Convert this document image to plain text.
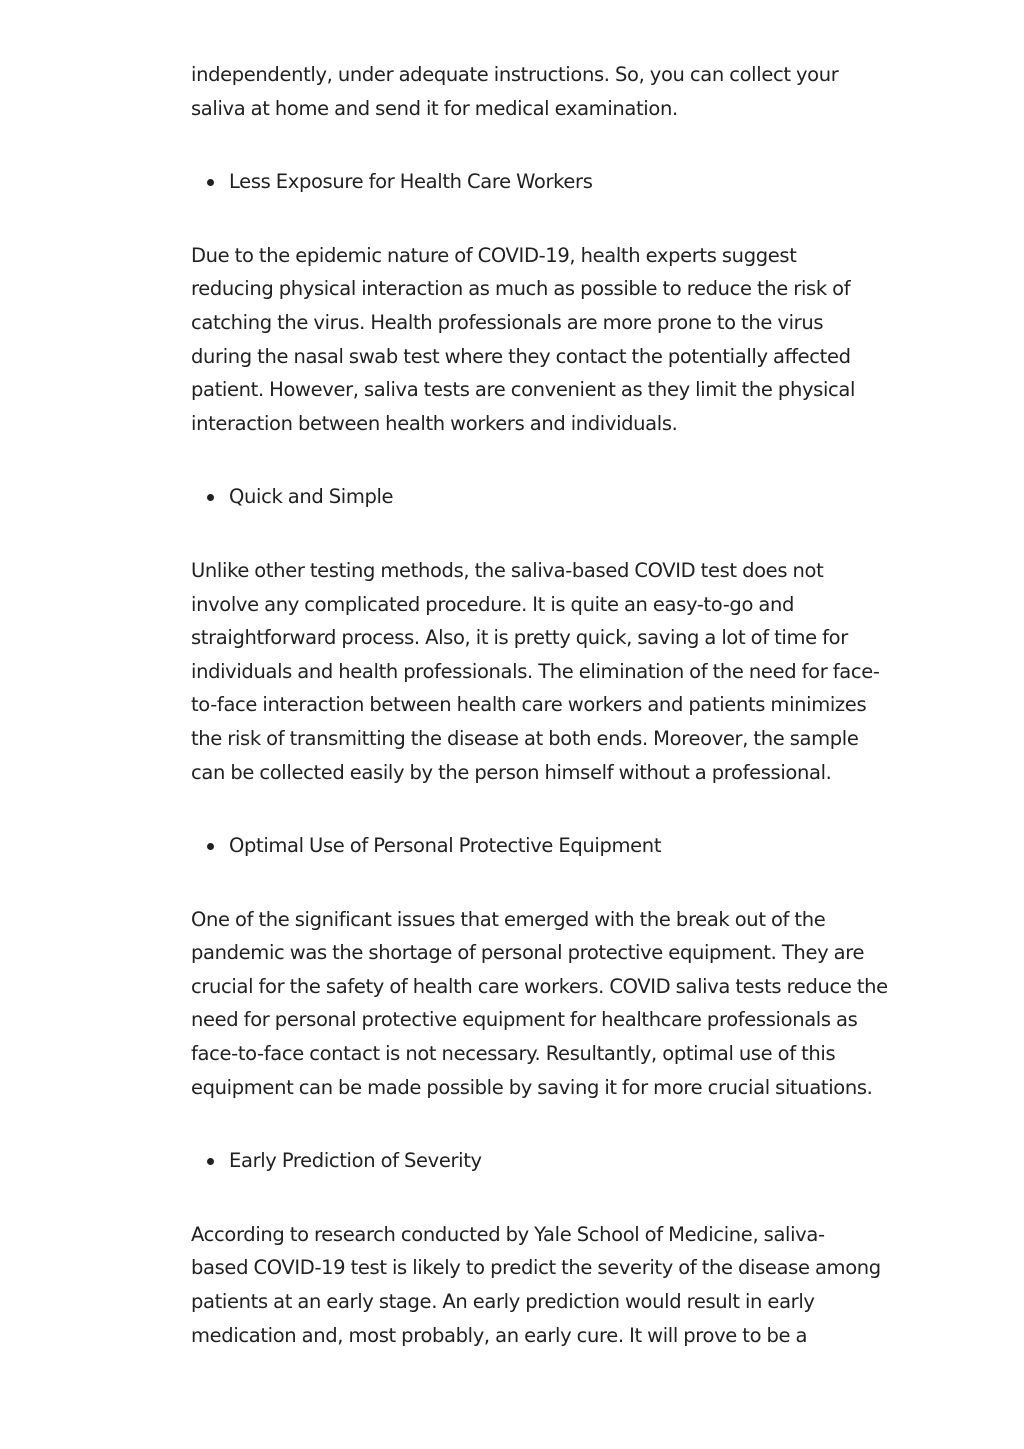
independently, under adequate instructions. So, you can collect your
saliva at home and send it for medical examination.

Less Exposure for Health Care Workers

Due to the epidemic nature of COVID-19, health experts suggest
reducing physical interaction as much as possible to reduce the risk of
catching the virus. Health professionals are more prone to the virus
during the nasal swab test where they contact the potentially affected
patient. However, saliva tests are convenient as they limit the physical
interaction between health workers and individuals.

Quick and Simple

Unlike other testing methods, the saliva-based COVID test does not
involve any complicated procedure. It is quite an easy-to-go and
straightforward process. Also, it is pretty quick, saving a lot of time for
individuals and health professionals. The elimination of the need for face-
to-face interaction between health care workers and patients minimizes
the risk of transmitting the disease at both ends. Moreover, the sample
can be collected easily by the person himself without a professional.

Optimal Use of Personal Protective Equipment

One of the significant issues that emerged with the break out of the
pandemic was the shortage of personal protective equipment. They are
crucial for the safety of health care workers. COVID saliva tests reduce the
need for personal protective equipment for healthcare professionals as
face-to-face contact is not necessary. Resultantly, optimal use of this
equipment can be made possible by saving it for more crucial situations.

Early Prediction of Severity

According to research conducted by Yale School of Medicine, saliva-
based COVID-19 test is likely to predict the severity of the disease among
patients at an early stage. An early prediction would result in early
medication and, most probably, an early cure. It will prove to be a
